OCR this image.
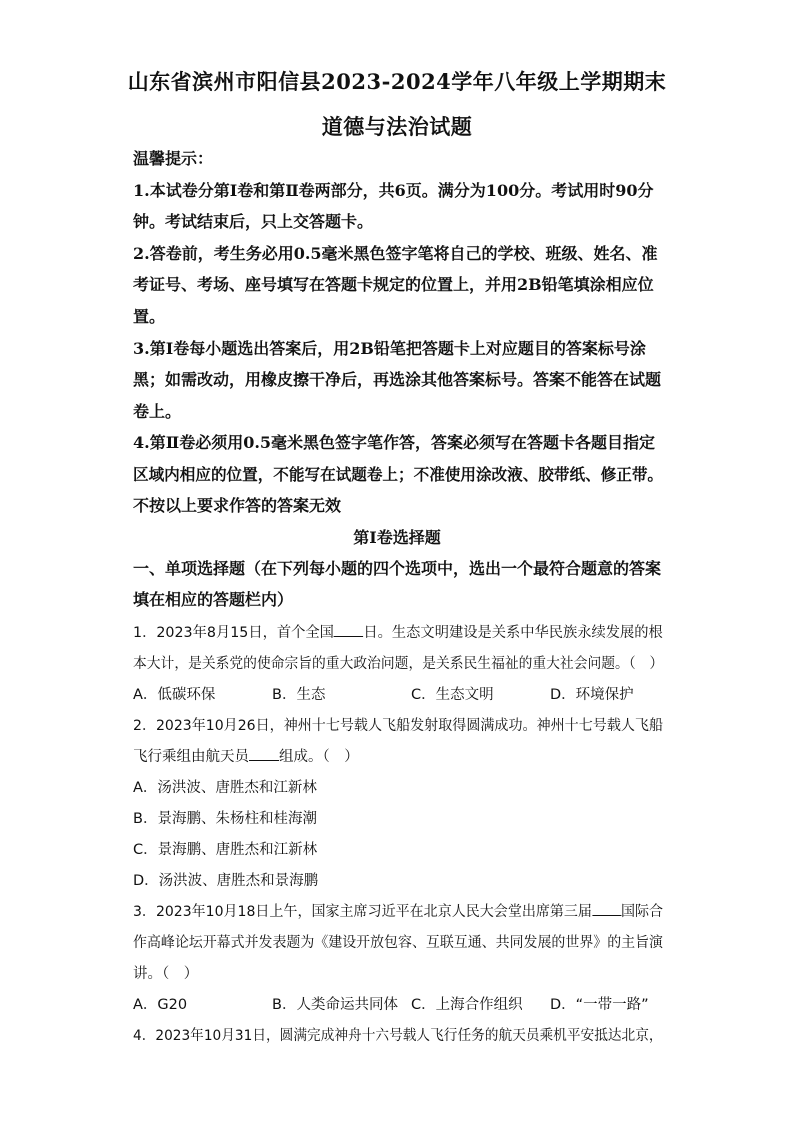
山东省滨州市阳信县2023-2024学年八年级上学期期末
道德与法治试题
温馨提示：
1.本试卷分第Ⅰ卷和第Ⅱ卷两部分，共6页。满分为100分。考试用时90分
钟。考试结束后，只上交答题卡。
2.答卷前，考生务必用0.5毫米黑色签字笔将自己的学校、班级、姓名、准
考证号、考场、座号填写在答题卡规定的位置上，并用2B铅笔填涂相应位
置。
3.第Ⅰ卷每小题选出答案后，用2B铅笔把答题卡上对应题目的答案标号涂
黑；如需改动，用橡皮擦干净后，再选涂其他答案标号。答案不能答在试题
卷上。
4.第Ⅱ卷必须用0.5毫米黑色签字笔作答，答案必须写在答题卡各题目指定
区域内相应的位置，不能写在试题卷上；不准使用涂改液、胶带纸、修正带。
不按以上要求作答的答案无效
第Ⅰ卷选择题
一、单项选择题（在下列每小题的四个选项中，选出一个最符合题意的答案
填在相应的答题栏内）
1．2023年8月15日，首个全国 日。生态文明建设是关系中华民族永续发展的根
本大计，是关系党的使命宗旨的重大政治问题，是关系民生福祉的重大社会问题。（　）
A．低碳环保	B．生态	C．生态文明	D．环境保护
2．2023年10月26日，神州十七号载人飞船发射取得圆满成功。神州十七号载人飞船
飞行乘组由航天员 组成。（　）
A．汤洪波、唐胜杰和江新林
B．景海鹏、朱杨柱和桂海潮
C．景海鹏、唐胜杰和江新林
D．汤洪波、唐胜杰和景海鹏
3．2023年10月18日上午，国家主席习近平在北京人民大会堂出席第三届 国际合
作高峰论坛开幕式并发表题为《建设开放包容、互联互通、共同发展的世界》的主旨演
讲。（　）
A．G20	B．人类命运共同体 C．上海合作组织 D．“一带一路”
4．2023年10月31日，圆满完成神舟十六号载人飞行任务的航天员乘机平安抵达北京，
